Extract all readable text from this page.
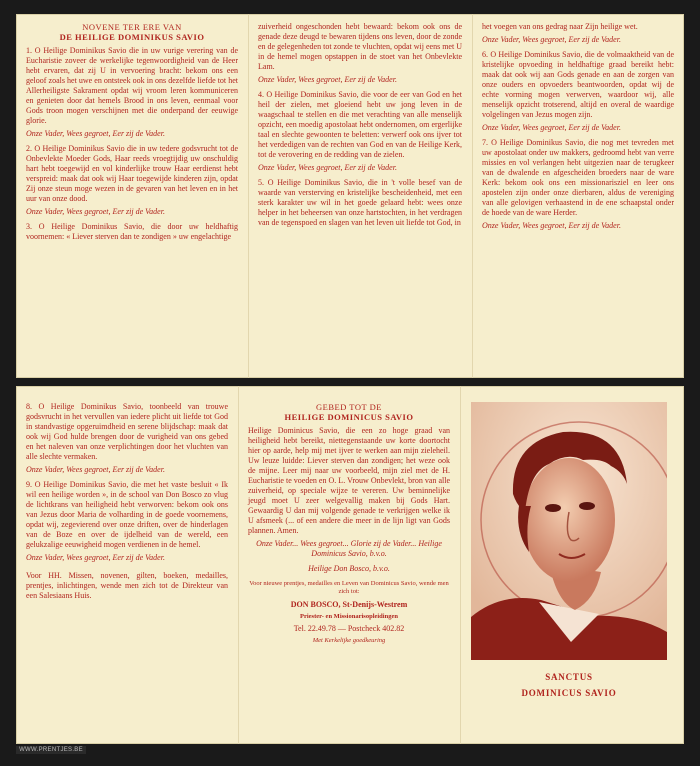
NOVENE TER ERE VAN
DE HEILIGE DOMINIKUS SAVIO

1. O Heilige Dominikus Savio die in uw vurige verering van de Eucharistie zoveer de werkelijke tegenwoordigheid van de Heer hebt ervaren, dat zij U in vervoering bracht: bekom ons een geloof zoals het uwe en ontsteek ook in ons dezelfde liefde tot het Allerheiligste Sakrament opdat wij vroom leren kommuniceren en genieten door dat hemels Brood in ons leven, eenmaal voor Gods troon mogen verschijnen met die onderpand der eeuwige glorie.

Onze Vader, Wees gegroet, Eer zij de Vader.

2. O Heilige Dominikus Savio die in uw tedere godsvrucht tot de Onbevlekte Moeder Gods, Haar reeds vroegtijdig uw onschuldig hart hebt toegewijd en vol kinderlijke trouw Haar eerdienst hebt verspreid: maak dat ook wij Haar toegewijde kinderen zijn, opdat Zij onze steun moge wezen in de gevaren van het leven en in het uur van onze dood.

Onze Vader, Wees gegroet, Eer zij de Vader.

3. O Heilige Dominikus Savio, die door uw heldhaftig voornemen: « Liever sterven dan te zondigen » uw engelachtige

zuiverheid ongeschonden hebt bewaard: bekom ook ons de genade deze deugd te bewaren tijdens ons leven, door de zonde en de gelegenheden tot zonde te vluchten, opdat wij eens met U in de hemel mogen opstappen in de stoet van het Onbevlekte Lam.

Onze Vader, Wees gegroet, Eer zij de Vader.

4. O Heilige Dominikus Savio, die voor de eer van God en het heil der zielen, met gloeiend hebt uw jong leven in de waagschaal te stellen en die met verachting van alle menselijk opzicht, een moedig apostolaat hebt ondernomen, om ergerlijke taal en slechte gewoonten te beletten: verwerf ook ons ijver tot het verdedigen van de rechten van God en van de Heilige Kerk, tot de verovering en de redding van de zielen.

Onze Vader, Wees gegroet, Eer zij de Vader.

5. O Heilige Dominikus Savio, die in 't volle besef van de waarde van versterving en kristelijke bescheidenheid, met een sterk karakter uw wil in het goede gelaard hebt: wees onze helper in het beheersen van onze hartstochten, in het verdragen van de tegenspoed en slagen van het leven uit liefde tot God, in

het voegen van ons gedrag naar Zijn heilige wet.

Onze Vader, Wees gegroet, Eer zij de Vader.

6. O Heilige Dominikus Savio, die de volmaaktheid van de kristelijke opvoeding in heldhaftige graad bereikt hebt: maak dat ook wij aan Gods genade en aan de zorgen van onze ouders en opvoeders beantwoorden, opdat wij de echte vorming mogen verwerven, waardoor wij, alle menselijk opzicht trotserend, altijd en overal de waardige volgelingen van Jezus mogen zijn.

Onze Vader, Wees gegroet, Eer zij de Vader.

7. O Heilige Dominikus Savio, die nog met tevreden met uw apostolaat onder uw makkers, gedroomd hebt van verre missies en vol verlangen hebt uitgezien naar de terugkeer van de dwalende en afgescheiden broeders naar de ware Kerk: bekom ook ons een missionarisziel en leer ons apostelen zijn onder onze dierbaren, aldus de vereniging van alle gelovigen verhaastend in de ene schaapstal onder de hoede van de ware Herder.

Onze Vader, Wees gegroet, Eer zij de Vader.

8. O Heilige Dominikus Savio, toonbeeld van trouwe godsvrucht in het vervullen van iedere plicht uit liefde tot God in standvastige opgeruimdheid en serene blijdschap: maak dat ook wij God hulde brengen door de vurigheid van ons gebed en het naleven van onze verplichtingen door het vluchten van alle slechte vermaken.

Onze Vader, Wees gegroet, Eer zij de Vader.

9. O Heilige Dominikus Savio, die met het vaste besluit « Ik wil een heilige worden », in de school van Don Bosco zo vlug de lichtkrans van heiligheid hebt verworven: bekom ook ons van Jezus door Maria de volharding in de goede voornemens, opdat wij, zegevierend over onze driften, over de hinderlagen van de Boze en over de ijdelheid van de wereld, een gelukzalige eeuwigheid mogen verdienen in de hemel.

Onze Vader, Wees gegroet, Eer zij de Vader.

Voor HH. Missen, novenen, gilten, boeken, medailles, prentjes, inlichtingen, wende men zich tot de Direkteur van een Salesiaans Huis.

GEBED TOT DE
HEILIGE DOMINICUS SAVIO

Heilige Dominicus Savio, die een zo hoge graad van heiligheid hebt bereikt, niettegenstaande uw korte doortocht hier op aarde, help mij met ijver te werken aan mijn zieleheil. Uw leuze luidde: Liever sterven dan zondigen; het weze ook de mijne. Leer mij naar uw voorbeeld, mijn ziel met de H. Eucharistie te voeden en O. L. Vrouw Onbevlekt, bron van alle zuiverheid, op speciale wijze te vereren. Uw beminnelijke jeugd moet U zeer welgevallig maken bij Gods Hart. Gewaardig U dan mij volgende genade te verkrijgen welke ik U afsmeek (... of een andere die meer in de lijn ligt van Gods plannen. Amen.

Onze Vader... Wees gegroet... Glorie zij de Vader... Heilige Dominicus Savio, b.v.o.

Heilige Don Bosco, b.v.o.

Voor nieuwe prentjes, medailles en Leven van Dominicus Savio, wende men zich tot:

DON BOSCO, St-Denijs-Westrem

Priester- en Missionarisopleidingen

Tel. 22.49.78 — Postcheck 402.82

Met Kerkelijke goedkeuring

SANCTUS
DOMINICUS SAVIO
WWW.PRENTJES.BE
